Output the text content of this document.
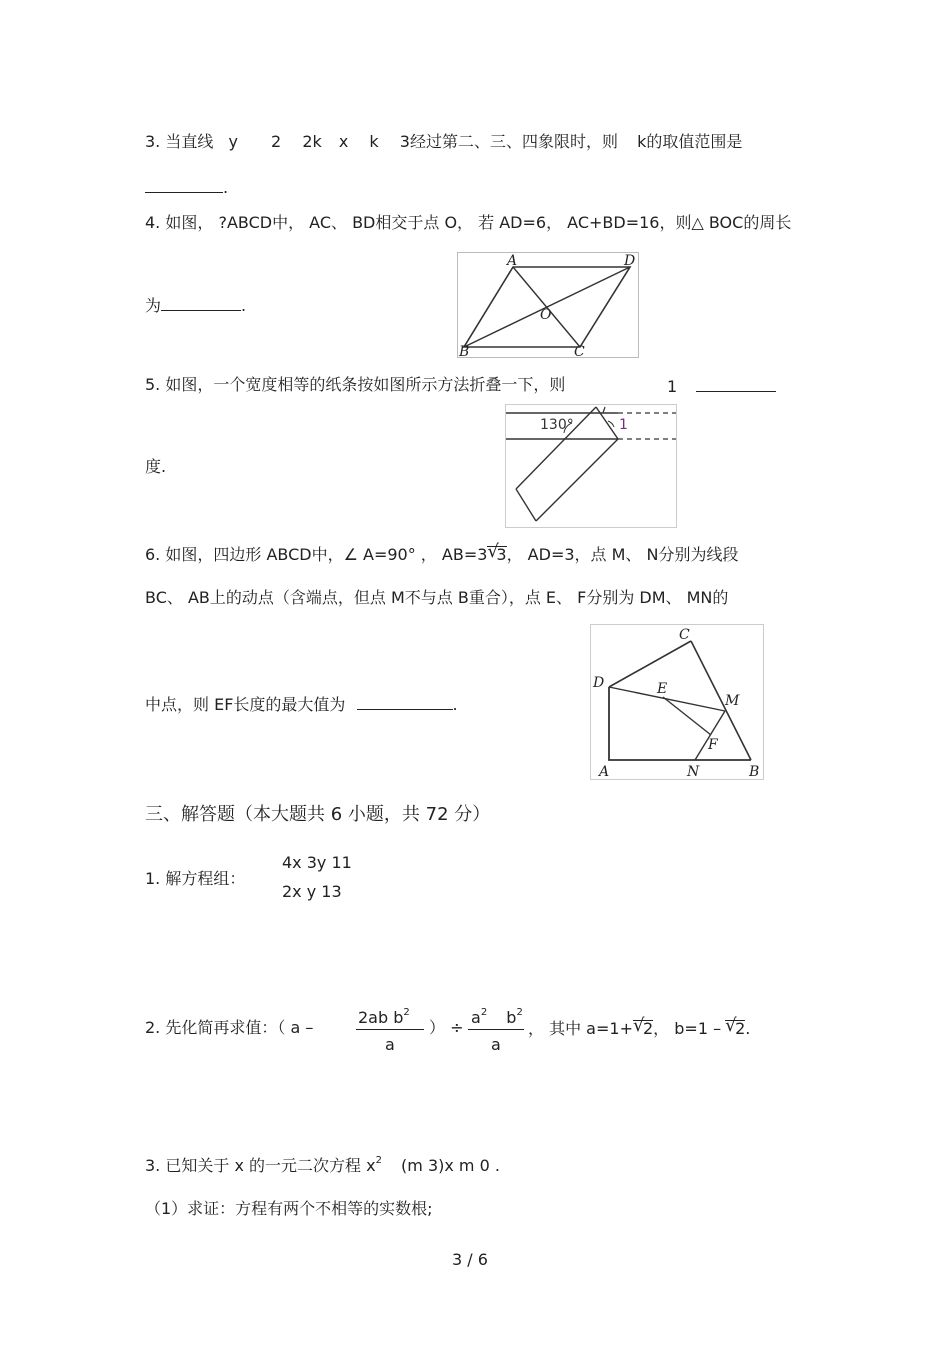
3. 当直线 y 2 2k x k 3经过第二、三、四象限时，则 k的取值范围是
.
4. 如图， ?ABCD中， AC、 BD相交于点 O， 若 AD=6， AC+BD=16，则△ BOC的周长
为	.
A	D
O
B	C
5. 如图，一个宽度相等的纸条按如图所示方法折叠一下，则	1
度.
130°	1
6. 如图，四边形 ABCD中，∠ A=90° ， AB=3 √
3， AD=3，点 M、 N分别为线段
BC、 AB上的动点（含端点，但点 M不与点 B重合），点 E、 F分别为 DM、 MN的
中点，则 EF长度的最大值为	.
C
D	E
M
F
A	N	B
三、解答题（本大题共 6 小题，共 72 分）
1. 解方程组：
4x 3y 11
2x y 13
2. 先化简再求值：（ a –
2ab $b^2$
a
） ÷
$a^2$ $b^2$
a
， 其中 a=1+ √
2， b=1 – √
2.
3. 已知关于 x 的一元二次方程 $x^2$ (m 3)x m 0 .
（1）求证：方程有两个不相等的实数根;
3 / 6
